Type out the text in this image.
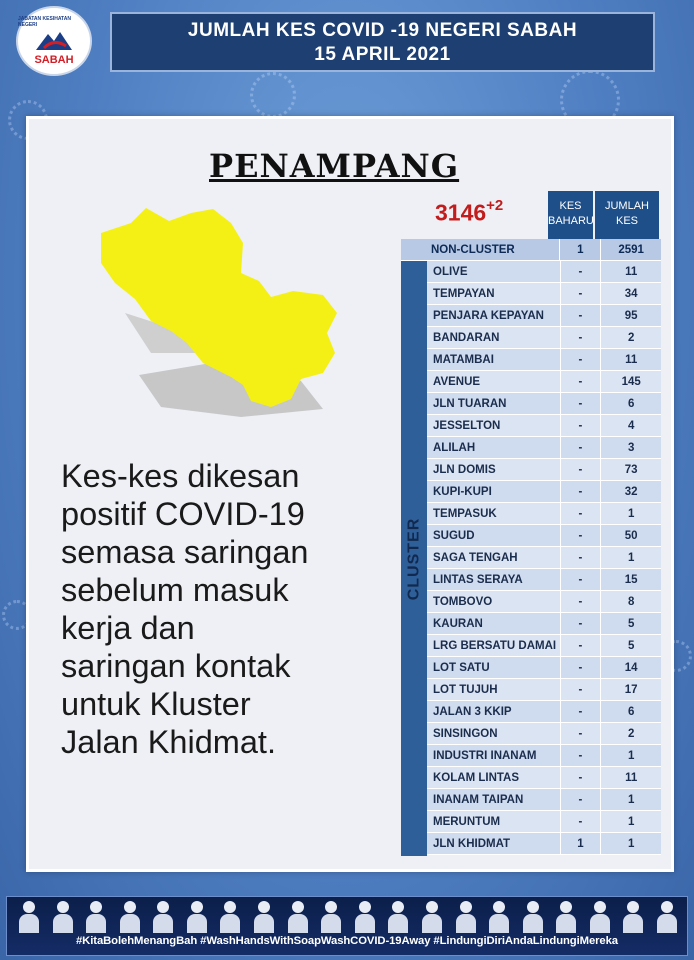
JABATAN KESIHATAN NEGERI
SABAH
JUMLAH KES COVID -19 NEGERI SABAH
15 APRIL 2021
PENAMPANG
Kes-kes dikesan
positif COVID-19
semasa saringan
sebelum masuk
kerja dan
saringan kontak
untuk Kluster
Jalan Khidmat.
$3146^{+2}$	KES
BAHARU
JUMLAH
KES
CLUSTER
NON-CLUSTER	1	2591
OLIVE	-	11
TEMPAYAN	-	34
PENJARA KEPAYAN	-	95
BANDARAN	-	2
MATAMBAI	-	11
AVENUE	-	145
JLN TUARAN	-	6
JESSELTON	-	4
ALILAH	-	3
JLN DOMIS	-	73
KUPI-KUPI	-	32
TEMPASUK	-	1
SUGUD	-	50
SAGA TENGAH	-	1
LINTAS SERAYA	-	15
TOMBOVO	-	8
KAURAN	-	5
LRG BERSATU DAMAI	-	5
LOT SATU	-	14
LOT TUJUH	-	17
JALAN 3 KKIP	-	6
SINSINGON	-	2
INDUSTRI INANAM	-	1
KOLAM LINTAS	-	11
INANAM TAIPAN	-	1
MERUNTUM	-	1
JLN KHIDMAT	1	1
#KitaBolehMenangBah #WashHandsWithSoapWashCOVID-19Away #LindungiDiriAndaLindungiMereka
